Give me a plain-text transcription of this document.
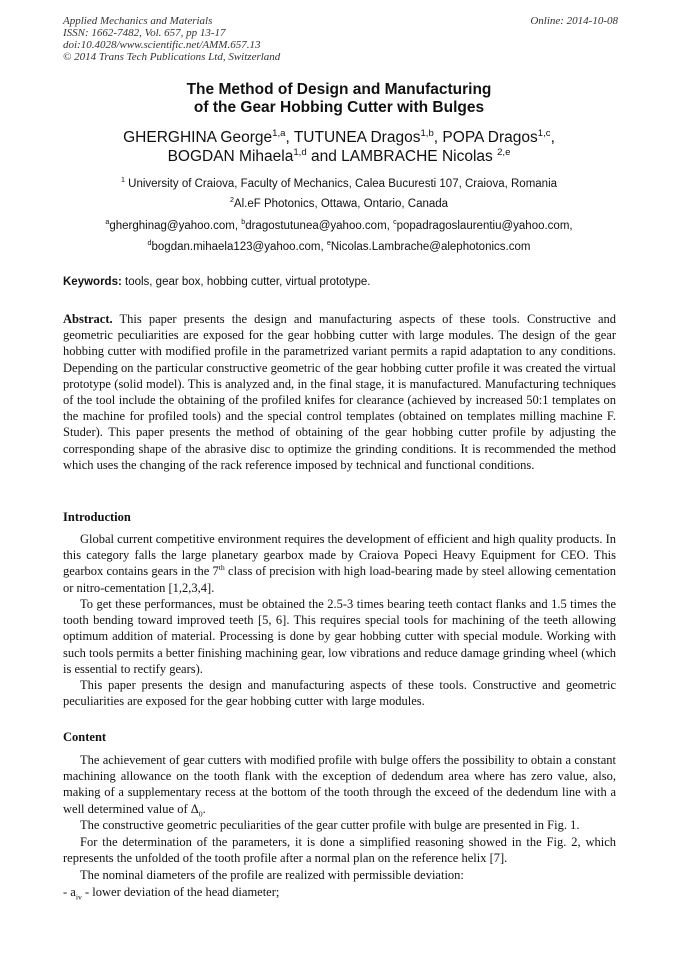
Applied Mechanics and Materials	Online: 2014-10-08
ISSN: 1662-7482, Vol. 657, pp 13-17
doi:10.4028/www.scientific.net/AMM.657.13
© 2014 Trans Tech Publications Ltd, Switzerland
The Method of Design and Manufacturing
of the Gear Hobbing Cutter with Bulges
GHERGHINA George$^{1,a}$, TUTUNEA Dragos$^{1,b}$, POPA Dragos$^{1,c}$,
BOGDAN Mihaela$^{1,d}$ and LAMBRACHE Nicolas $^{2,e}$
$^1$ University of Craiova, Faculty of Mechanics, Calea Bucuresti 107, Craiova, Romania
$^2$Al.eF Photonics, Ottawa, Ontario, Canada
$^a$gherghinag@yahoo.com, $^b$dragostutunea@yahoo.com, $^c$popadragoslaurentiu@yahoo.com,
$^d$bogdan.mihaela123@yahoo.com, $^e$Nicolas.Lambrache@alephotonics.com
Keywords: tools, gear box, hobbing cutter, virtual prototype.
Abstract. This paper presents the design and manufacturing aspects of these tools. Constructive and geometric peculiarities are exposed for the gear hobbing cutter with large modules. The design of the gear hobbing cutter with modified profile in the parametrized variant permits a rapid adaptation to any conditions. Depending on the particular constructive geometric of the gear hobbing cutter profile it was created the virtual prototype (solid model). This is analyzed and, in the final stage, it is manufactured. Manufacturing techniques of the tool include the obtaining of the profiled knifes for clearance (achieved by increased 50:1 templates on the machine for profiled tools) and the special control templates (obtained on templates milling machine F. Studer). This paper presents the method of obtaining of the gear hobbing cutter profile by adjusting the corresponding shape of the abrasive disc to optimize the grinding conditions. It is recommended the method which uses the changing of the rack reference imposed by technical and functional conditions.
Introduction
Global current competitive environment requires the development of efficient and high quality products. In this category falls the large planetary gearbox made by Craiova Popeci Heavy Equipment for CEO. This gearbox contains gears in the 7th class of precision with high load-bearing made by steel allowing cementation or nitro-cementation [1,2,3,4].
To get these performances, must be obtained the 2.5-3 times bearing teeth contact flanks and 1.5 times the tooth bending toward improved teeth [5, 6]. This requires special tools for machining of the teeth allowing optimum addition of material. Processing is done by gear hobbing cutter with special module. Working with such tools permits a better finishing machining gear, low vibrations and reduce damage grinding wheel (which is essential to rectify gears).
This paper presents the design and manufacturing aspects of these tools. Constructive and geometric peculiarities are exposed for the gear hobbing cutter with large modules.
Content
The achievement of gear cutters with modified profile with bulge offers the possibility to obtain a constant machining allowance on the tooth flank with the exception of dedendum area where has zero value, also, making of a supplementary recess at the bottom of the tooth through the exceed of the dedendum line with a well determined value of $\Delta_0$.
The constructive geometric peculiarities of the gear cutter profile with bulge are presented in Fig. 1.
For the determination of the parameters, it is done a simplified reasoning showed in the Fig. 2, which represents the unfolded of the tooth profile after a normal plan on the reference helix [7].
The nominal diameters of the profile are realized with permissible deviation:
- $a_{iv}$ - lower deviation of the head diameter;
